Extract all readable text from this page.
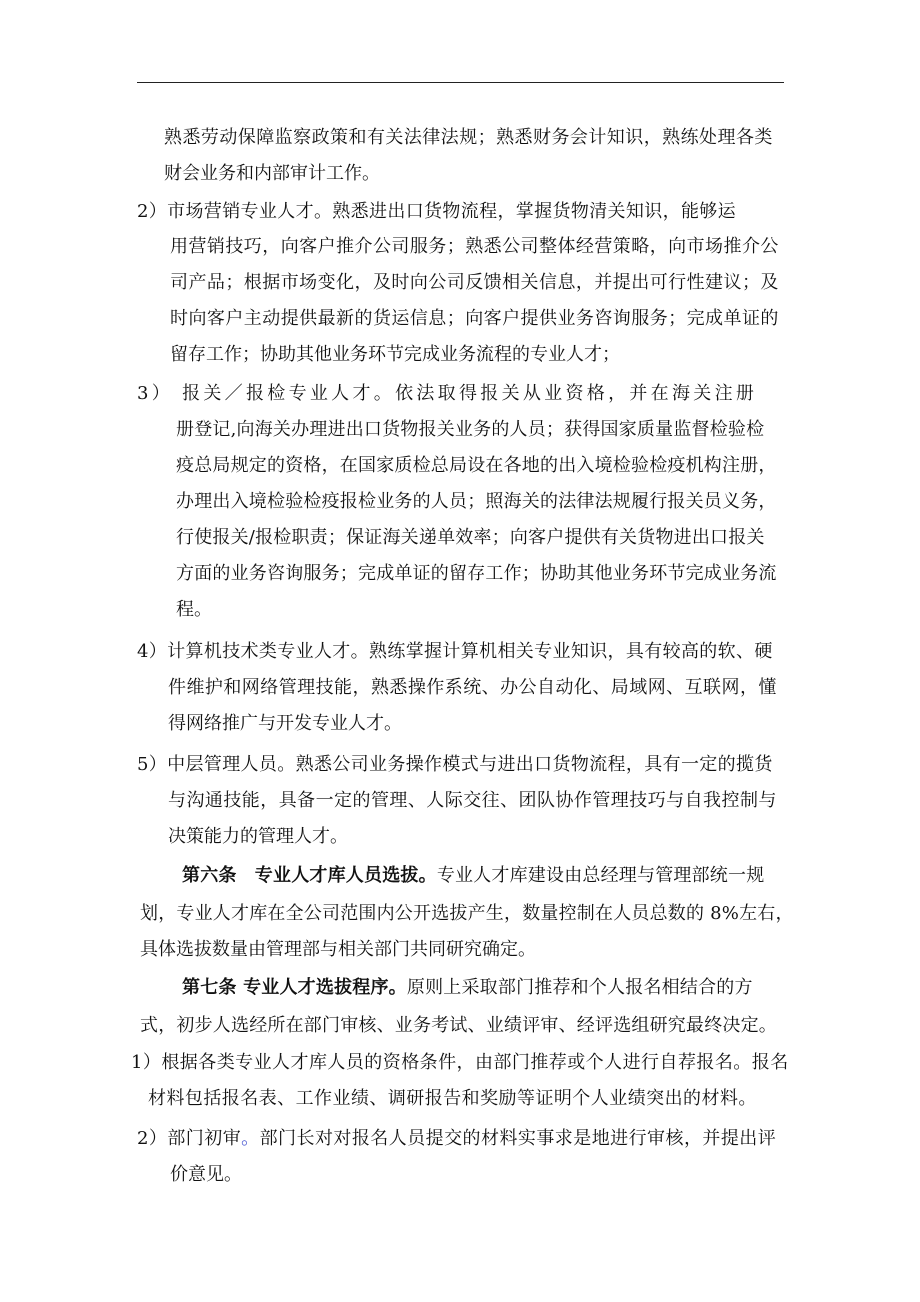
熟悉劳动保障监察政策和有关法律法规；熟悉财务会计知识，熟练处理各类
财会业务和内部审计工作。
2）市场营销专业人才。熟悉进出口货物流程，掌握货物清关知识，能够运
用营销技巧，向客户推介公司服务；熟悉公司整体经营策略，向市场推介公
司产品；根据市场变化，及时向公司反馈相关信息，并提出可行性建议；及
时向客户主动提供最新的货运信息；向客户提供业务咨询服务；完成单证的
留存工作；协助其他业务环节完成业务流程的专业人才；
3） 报关／报检专业人才。依法取得报关从业资格，并在海关注册
册登记,向海关办理进出口货物报关业务的人员；获得国家质量监督检验检
疫总局规定的资格，在国家质检总局设在各地的出入境检验检疫机构注册，
办理出入境检验检疫报检业务的人员；照海关的法律法规履行报关员义务，
行使报关/报检职责；保证海关递单效率；向客户提供有关货物进出口报关
方面的业务咨询服务；完成单证的留存工作；协助其他业务环节完成业务流
程。
4）计算机技术类专业人才。熟练掌握计算机相关专业知识，具有较高的软、硬
件维护和网络管理技能，熟悉操作系统、办公自动化、局域网、互联网，懂
得网络推广与开发专业人才。
5）中层管理人员。熟悉公司业务操作模式与进出口货物流程，具有一定的揽货
与沟通技能，具备一定的管理、人际交往、团队协作管理技巧与自我控制与
决策能力的管理人才。
第六条　专业人才库人员选拔。专业人才库建设由总经理与管理部统一规
划，专业人才库在全公司范围内公开选拔产生，数量控制在人员总数的 8%左右，
具体选拔数量由管理部与相关部门共同研究确定。
第七条 专业人才选拔程序。原则上采取部门推荐和个人报名相结合的方
式，初步人选经所在部门审核、业务考试、业绩评审、经评选组研究最终决定。
1）根据各类专业人才库人员的资格条件，由部门推荐或个人进行自荐报名。报名
材料包括报名表、工作业绩、调研报告和奖励等证明个人业绩突出的材料。
2）部门初审。部门长对对报名人员提交的材料实事求是地进行审核，并提出评
价意见。
